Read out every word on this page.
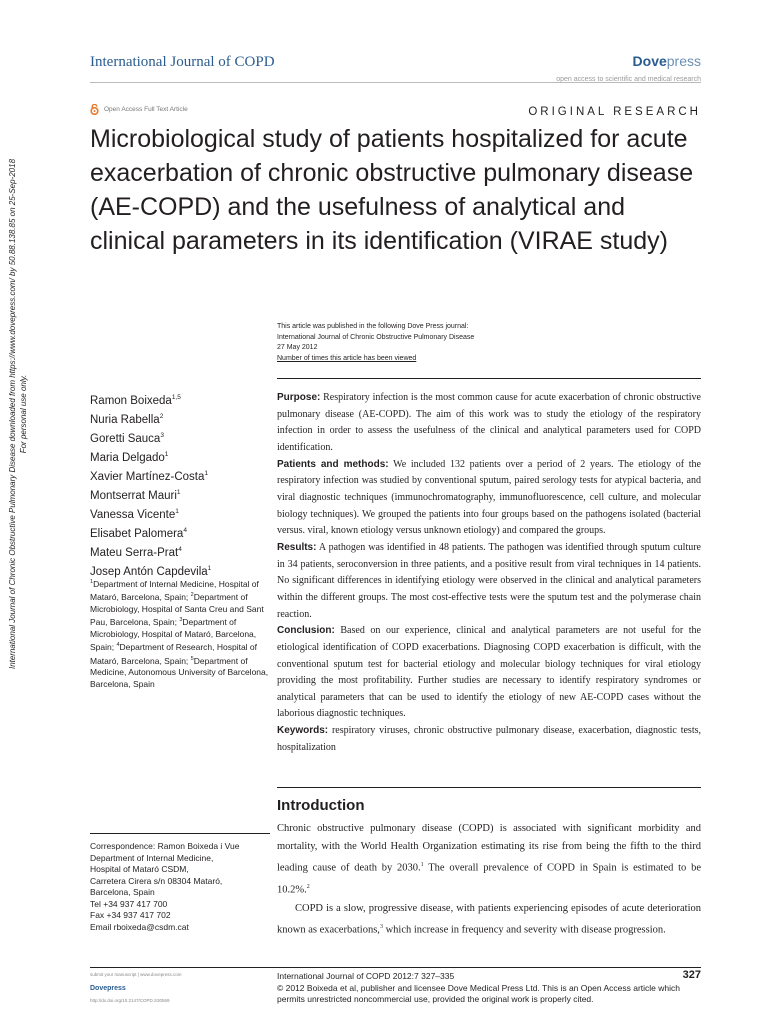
International Journal of COPD	Dovepress
open access to scientific and medical research
Open Access Full Text Article	ORIGINAL RESEARCH
Microbiological study of patients hospitalized for acute exacerbation of chronic obstructive pulmonary disease (AE-COPD) and the usefulness of analytical and clinical parameters in its identification (VIRAE study)
International Journal of Chronic Obstructive Pulmonary Disease downloaded from https://www.dovepress.com/ by 50.88.138.85 on 25-Sep-2018 For personal use only.
This article was published in the following Dove Press journal:
International Journal of Chronic Obstructive Pulmonary Disease
27 May 2012
Number of times this article has been viewed
Ramon Boixeda$^{1,5}$
Nuria Rabella$^2$
Goretti Sauca$^3$
Maria Delgado$^1$
Xavier Martínez-Costa$^1$
Montserrat Mauri$^1$
Vanessa Vicente$^1$
Elisabet Palomera$^4$
Mateu Serra-Prat$^4$
Josep Antón Capdevila$^1$
$^1$Department of Internal Medicine, Hospital of Mataró, Barcelona, Spain; $^2$Department of Microbiology, Hospital of Santa Creu and Sant Pau, Barcelona, Spain; $^3$Department of Microbiology, Hospital of Mataró, Barcelona, Spain; $^4$Department of Research, Hospital of Mataró, Barcelona, Spain; $^5$Department of Medicine, Autonomous University of Barcelona, Barcelona, Spain

Purpose: Respiratory infection is the most common cause for acute exacerbation of chronic obstructive pulmonary disease (AE-COPD). The aim of this work was to study the etiology of the respiratory infection in order to assess the usefulness of the clinical and analytical parameters used for COPD identification.

Patients and methods: We included 132 patients over a period of 2 years. The etiology of the respiratory infection was studied by conventional sputum, paired serology tests for atypical bacteria, and viral diagnostic techniques (immunochromatography, immunofluorescence, cell culture, and molecular biology techniques). We grouped the patients into four groups based on the pathogens isolated (bacterial versus. viral, known etiology versus unknown etiology) and compared the groups.

Results: A pathogen was identified in 48 patients. The pathogen was identified through sputum culture in 34 patients, seroconversion in three patients, and a positive result from viral techniques in 14 patients. No significant differences in identifying etiology were observed in the clinical and analytical parameters within the different groups. The most cost-effective tests were the sputum test and the polymerase chain reaction.

Conclusion: Based on our experience, clinical and analytical parameters are not useful for the etiological identification of COPD exacerbations. Diagnosing COPD exacerbation is difficult, with the conventional sputum test for bacterial etiology and molecular biology techniques for viral etiology providing the most profitability. Further studies are necessary to identify respiratory syndromes or analytical parameters that can be used to identify the etiology of new AE-COPD cases without the laborious diagnostic techniques.

Keywords: respiratory viruses, chronic obstructive pulmonary disease, exacerbation, diagnostic tests, hospitalization

Introduction

Chronic obstructive pulmonary disease (COPD) is associated with significant morbidity and mortality, with the World Health Organization estimating its rise from being the fifth to the third leading cause of death by 2030.$^1$ The overall prevalence of COPD in Spain is estimated to be 10.2%.$^2$

COPD is a slow, progressive disease, with patients experiencing episodes of acute deterioration known as exacerbations,$^3$ which increase in frequency and severity with disease progression.

Correspondence: Ramon Boixeda i Vue
Department of Internal Medicine,
Hospital of Mataró CSDM,
Carretera Cirera s/n 08304 Mataró,
Barcelona, Spain
Tel +34 937 417 700
Fax +34 937 417 702
Email rboixeda@csdm.cat
submit your manuscript | www.dovepress.com
Dovepress
http://dx.doi.org/10.2147/COPD.S30569
International Journal of COPD 2012:7 327–335
© 2012 Boixeda et al, publisher and licensee Dove Medical Press Ltd. This is an Open Access article which permits unrestricted noncommercial use, provided the original work is properly cited.
327
